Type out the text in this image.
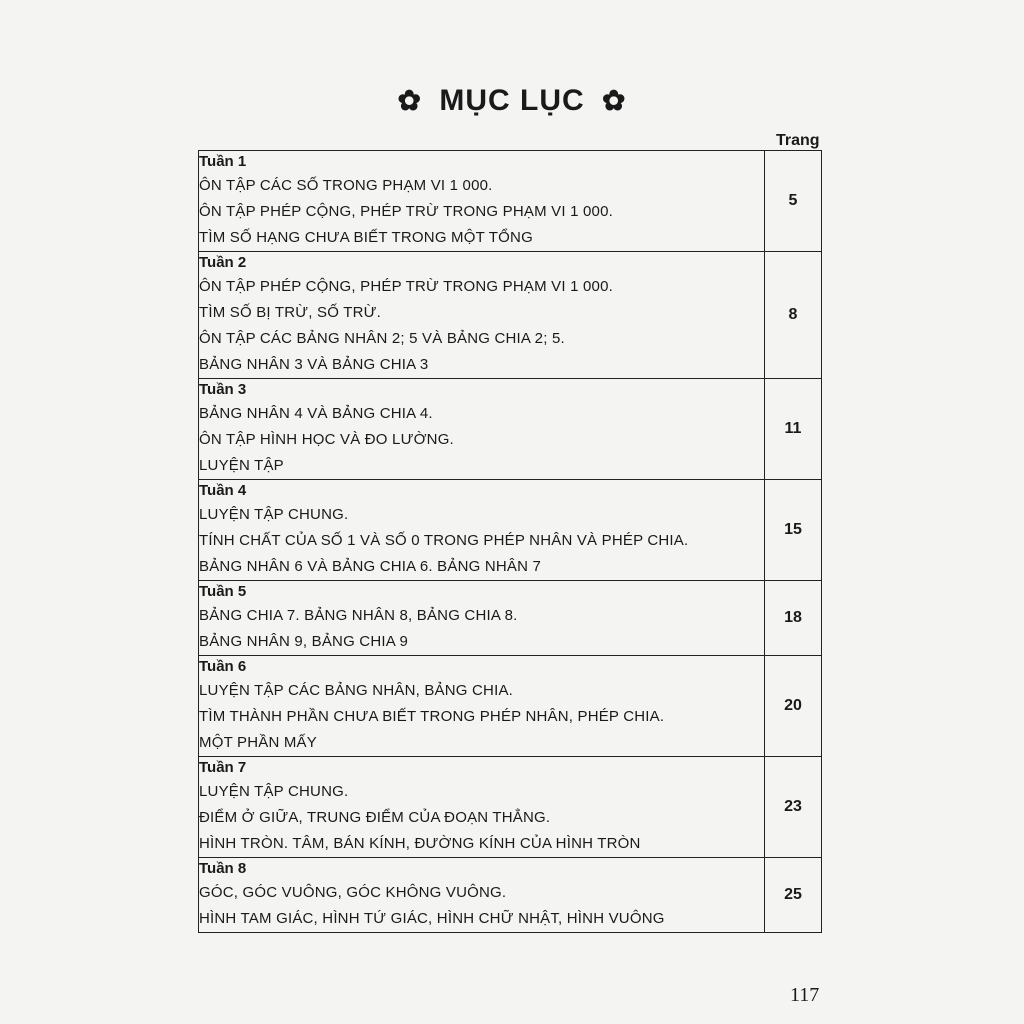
✿ MỤC LỤC ✿
Trang
Tuần 1
ÔN TẬP CÁC SỐ TRONG PHẠM VI 1 000.
ÔN TẬP PHÉP CỘNG, PHÉP TRỪ TRONG PHẠM VI 1 000.
TÌM SỐ HẠNG CHƯA BIẾT TRONG MỘT TỔNG	5

Tuần 2
ÔN TẬP PHÉP CỘNG, PHÉP TRỪ TRONG PHẠM VI 1 000.
TÌM SỐ BỊ TRỪ, SỐ TRỪ.
ÔN TẬP CÁC BẢNG NHÂN 2; 5 VÀ BẢNG CHIA 2; 5.
BẢNG NHÂN 3 VÀ BẢNG CHIA 3	8

Tuần 3
BẢNG NHÂN 4 VÀ BẢNG CHIA 4.
ÔN TẬP HÌNH HỌC VÀ ĐO LƯỜNG.
LUYỆN TẬP	11

Tuần 4
LUYỆN TẬP CHUNG.
TÍNH CHẤT CỦA SỐ 1 VÀ SỐ 0 TRONG PHÉP NHÂN VÀ PHÉP CHIA.
BẢNG NHÂN 6 VÀ BẢNG CHIA 6. BẢNG NHÂN 7	15

Tuần 5
BẢNG CHIA 7. BẢNG NHÂN 8, BẢNG CHIA 8.
BẢNG NHÂN 9, BẢNG CHIA 9	18

Tuần 6
LUYỆN TẬP CÁC BẢNG NHÂN, BẢNG CHIA.
TÌM THÀNH PHẦN CHƯA BIẾT TRONG PHÉP NHÂN, PHÉP CHIA.
MỘT PHẦN MẤY	20

Tuần 7
LUYỆN TẬP CHUNG.
ĐIỂM Ở GIỮA, TRUNG ĐIỂM CỦA ĐOẠN THẲNG.
HÌNH TRÒN. TÂM, BÁN KÍNH, ĐƯỜNG KÍNH CỦA HÌNH TRÒN	23

Tuần 8
GÓC, GÓC VUÔNG, GÓC KHÔNG VUÔNG.
HÌNH TAM GIÁC, HÌNH TỨ GIÁC, HÌNH CHỮ NHẬT, HÌNH VUÔNG	25
117
